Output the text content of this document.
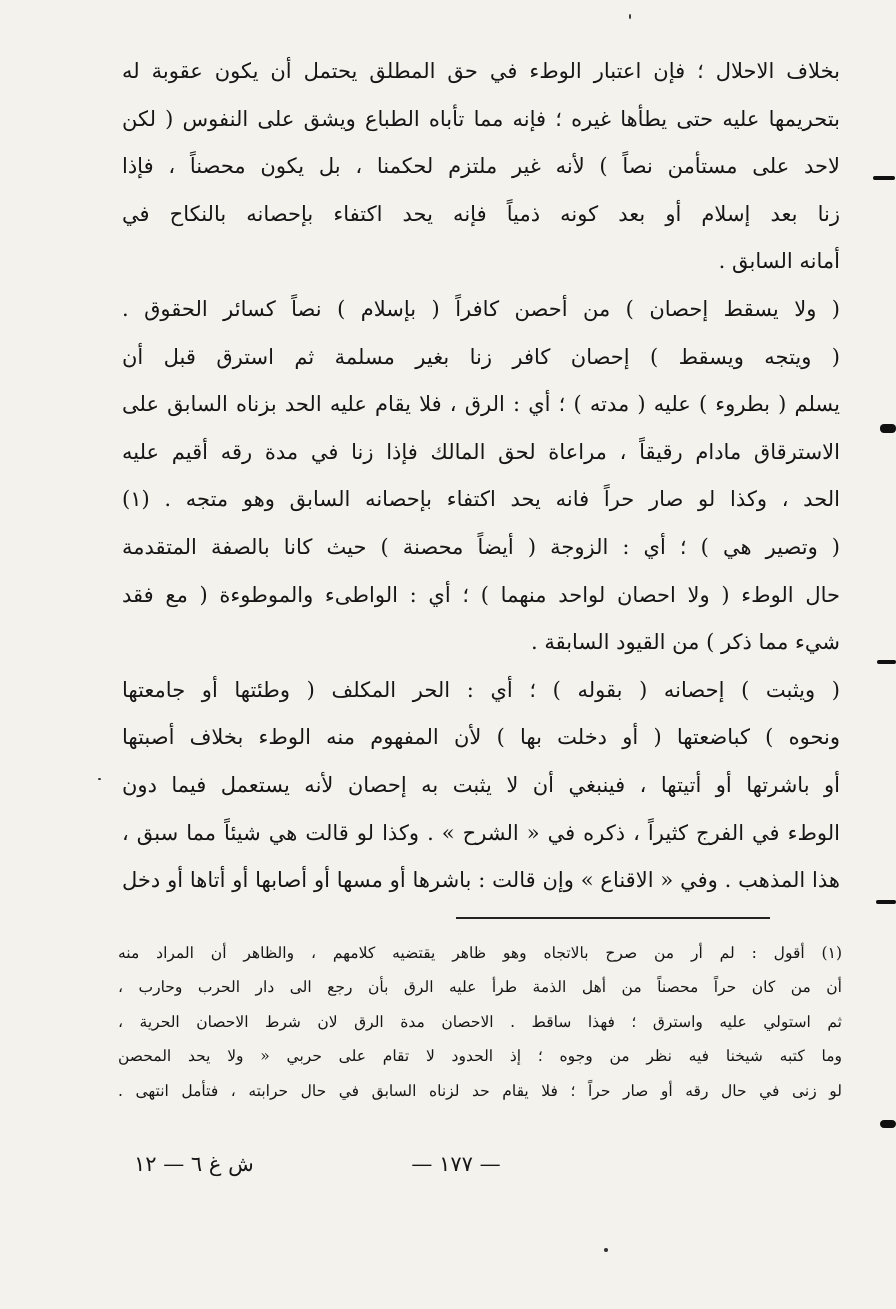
بخلاف الاحلال ؛ فإن اعتبار الوطء في حق المطلق يحتمل أن يكون عقوبة له
بتحريمها عليه حتى يطأها غيره ؛ فإنه مما تأباه الطباع ويشق على النفوس ( لكن
لاحد على مستأمن نصاً ) لأنه غير ملتزم لحكمنا ، بل يكون محصناً ، فإذا
زنا بعد إسلام أو بعد كونه ذمياً فإنه يحد اكتفاء بإحصانه بالنكاح في
أمانه السابق .
( ولا يسقط إحصان ) من أحصن كافراً ( بإسلام ) نصاً كسائر الحقوق .
( ويتجه ويسقط ) إحصان كافر زنا بغير مسلمة ثم استرق قبل أن
يسلم ( بطروء ) عليه ( مدته ) ؛ أي : الرق ، فلا يقام عليه الحد بزناه السابق على
الاسترقاق مادام رقيقاً ، مراعاة لحق المالك فإذا زنا في مدة رقه أقيم عليه
الحد ، وكذا لو صار حراً فانه يحد اكتفاء بإحصانه السابق وهو متجه . (١)
( وتصير هي ) ؛ أي : الزوجة ( أيضاً محصنة ) حيث كانا بالصفة المتقدمة
حال الوطء ( ولا احصان لواحد منهما ) ؛ أي : الواطىء والموطوءة ( مع فقد
شيء مما ذكر ) من القيود السابقة .
( ويثبت ) إحصانه ( بقوله ) ؛ أي : الحر المكلف ( وطئتها أو جامعتها
ونحوه ) كباضعتها ( أو دخلت بها ) لأن المفهوم منه الوطء بخلاف أصبتها
أو باشرتها أو أتيتها ، فينبغي أن لا يثبت به إحصان لأنه يستعمل فيما دون
الوطء في الفرج كثيراً ، ذكره في « الشرح » . وكذا لو قالت هي شيئاً مما سبق ،
هذا المذهب . وفي « الاقناع » وإن قالت : باشرها أو مسها أو أصابها أو أتاها أو دخل
(١) أقول : لم أر من صرح بالاتجاه وهو ظاهر يقتضيه كلامهم ، والظاهر أن المراد منه
أن من كان حراً محصناً من أهل الذمة طرأ عليه الرق بأن رجع الى دار الحرب وحارب ،
ثم استولي عليه واسترق ؛ فهذا ساقط . الاحصان مدة الرق لان شرط الاحصان الحرية ،
وما كتبه شيخنا فيه نظر من وجوه ؛ إذ الحدود لا تقام على حربي « ولا يحد المحصن
لو زنى في حال رقه أو صار حراً ؛ فلا يقام حد لزناه السابق في حال حرابته ، فتأمل انتهى .
— ١٧٧ —
ش غ ٦ — ١٢
